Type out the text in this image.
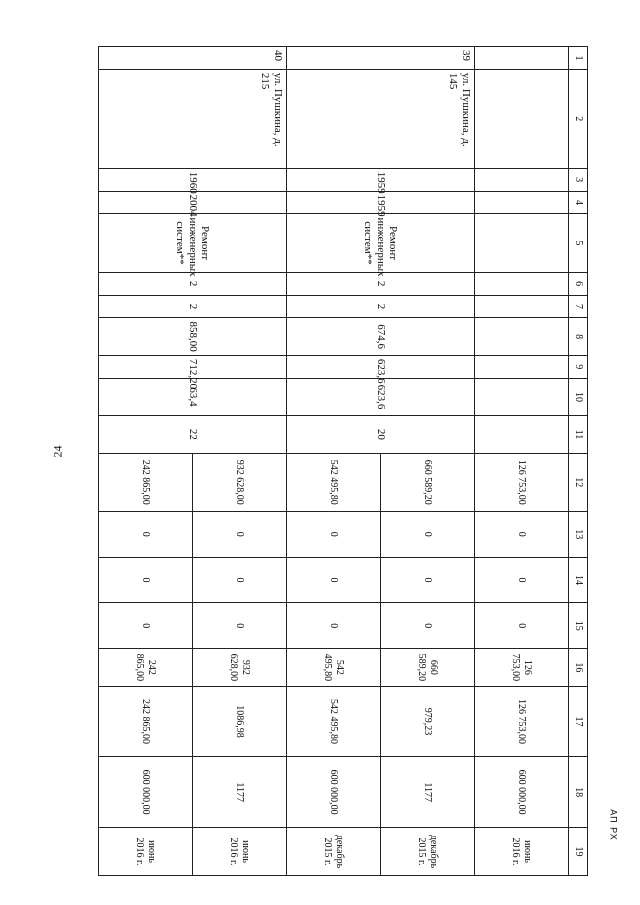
24
АП РХ
1	2	3	4	5	6	7	8	9	10	11	12	13	14	15	16	17	18	19
											126 753,00	0	0	0	126 753,00	126 753,00	600 000,00	июнь 2016 г.
39	ул. Пушкина, д. 145	1959	1959	Ремонт инженерных систем**	2	2	674,6	623,6	623,6	20	660 589,20	0	0	0	660 589,20	979,23	1177	декабрь 2015 г.
											542 495,80	0	0	0	542 495,80	542 495,80	600 000,00	декабрь 2015 г.
40	ул. Пушкина, д. 215	1960	2004	Ремонт инженерных систем**	2	2	858,00	712,20	63,4	22	932 628,00	0	0	0	932 628,00	1086,98	1177	июнь 2016 г.
											242 865,00	0	0	0	242 865,00	242 865,00	600 000,00	июнь 2016 г.
